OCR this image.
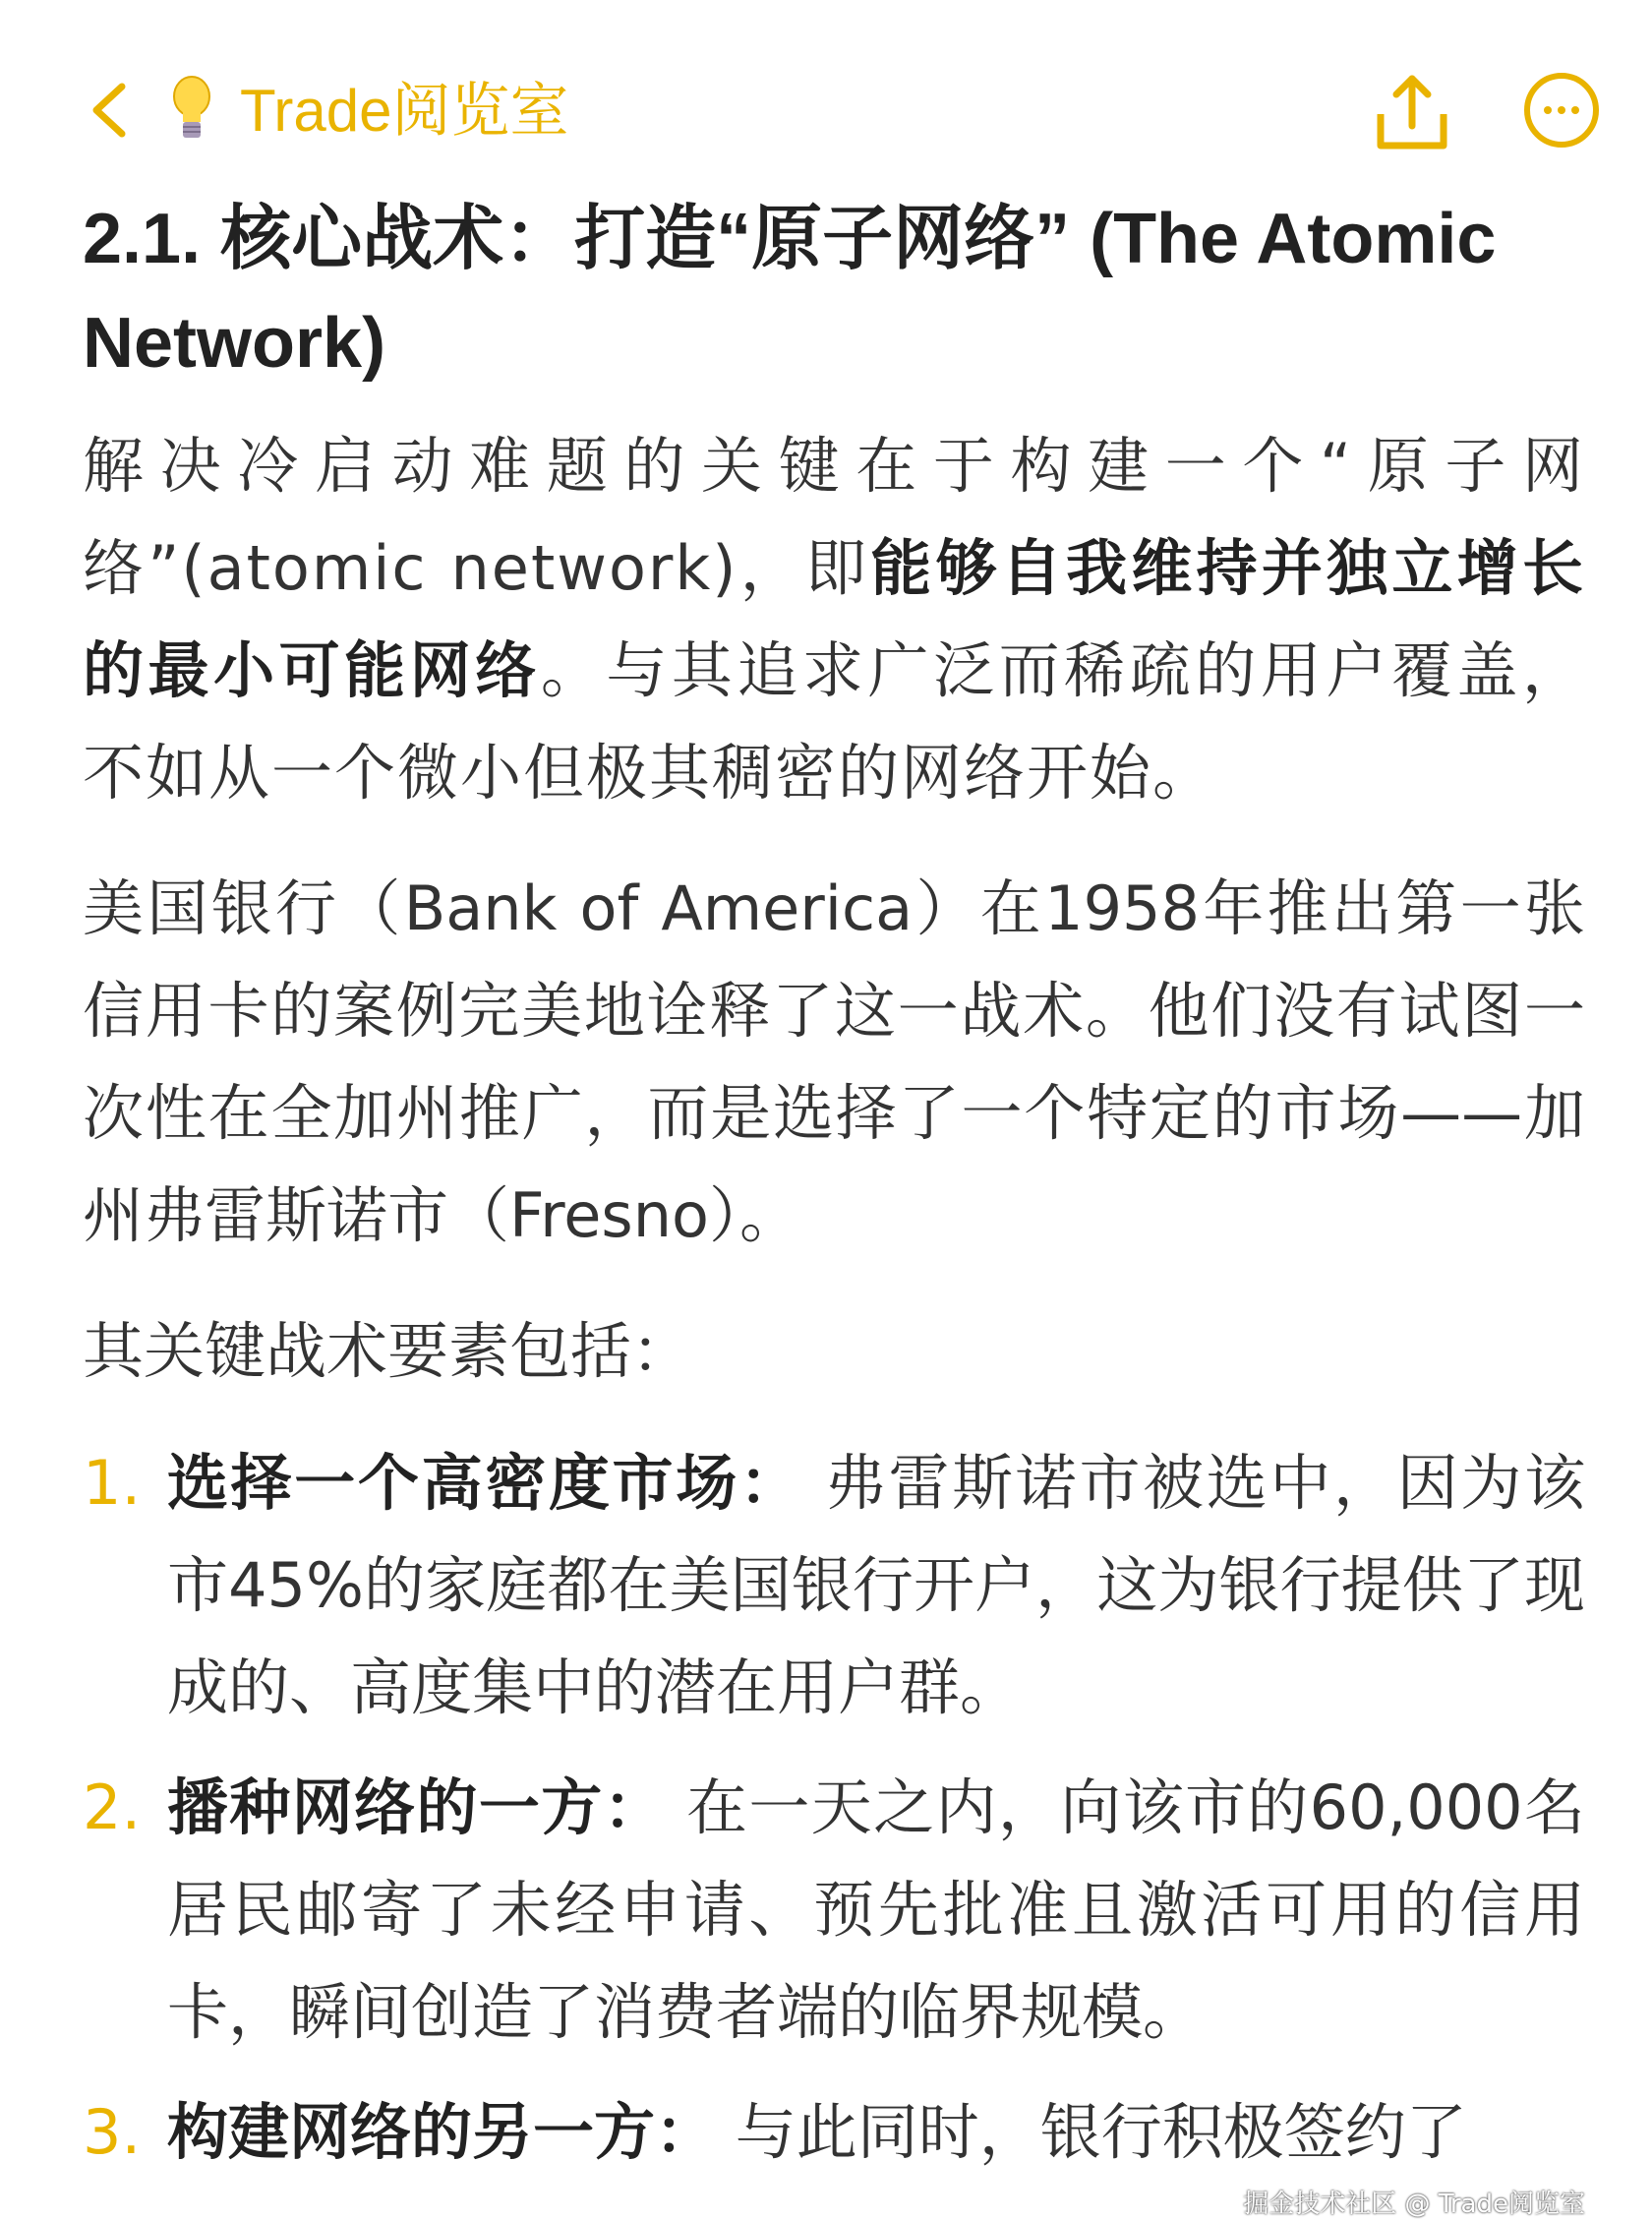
Trade阅览室
2.1. 核心战术：打造“原子网络” (The Atomic Network)

解决冷启动难题的关键在于构建一个“原子网络”(atomic network)，即能够自我维持并独立增长的最小可能网络。与其追求广泛而稀疏的用户覆盖，不如从一个微小但极其稠密的网络开始。

美国银行（Bank of America）在1958年推出第一张信用卡的案例完美地诠释了这一战术。他们没有试图一次性在全加州推广，而是选择了一个特定的市场——加州弗雷斯诺市（Fresno）。

其关键战术要素包括：

1. 选择一个高密度市场： 弗雷斯诺市被选中，因为该市45%的家庭都在美国银行开户，这为银行提供了现成的、高度集中的潜在用户群。
2. 播种网络的一方： 在一天之内，向该市的60,000名居民邮寄了未经申请、预先批准且激活可用的信用卡，瞬间创造了消费者端的临界规模。
3. 构建网络的另一方： 与此同时，银行积极签约了
掘金技术社区 @ Trade阅览室
